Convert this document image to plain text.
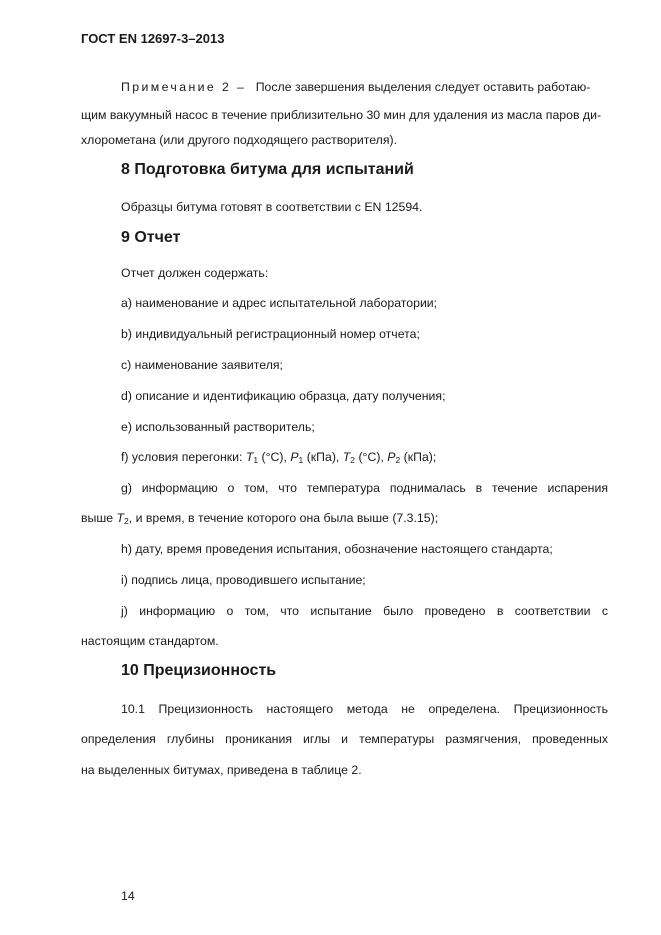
ГОСТ EN 12697-3–2013
Примечание 2 – После завершения выделения следует оставить работаю-
щим вакуумный насос в течение приблизительно 30 мин для удаления из масла паров ди-
хлорометана (или другого подходящего растворителя).
8 Подготовка битума для испытаний
Образцы битума готовят в соответствии с EN 12594.
9 Отчет
Отчет должен содержать:
а) наименование и адрес испытательной лаборатории;
b) индивидуальный регистрационный номер отчета;
c) наименование заявителя;
d) описание и идентификацию образца, дату получения;
е) использованный растворитель;
f) условия перегонки: $T_1$ (°C), $P_1$ (кПа), $T_2$ (°C), $P_2$ (кПа);
g) информацию о том, что температура поднималась в течение испарения
выше $T_2$, и время, в течение которого она была выше (7.3.15);
h) дату, время проведения испытания, обозначение настоящего стандарта;
i) подпись лица, проводившего испытание;
j) информацию о том, что испытание было проведено в соответствии с
настоящим стандартом.
10 Прецизионность
10.1 Прецизионность настоящего метода не определена. Прецизионность
определения глубины проникания иглы и температуры размягчения, проведенных
на выделенных битумах, приведена в таблице 2.
14
